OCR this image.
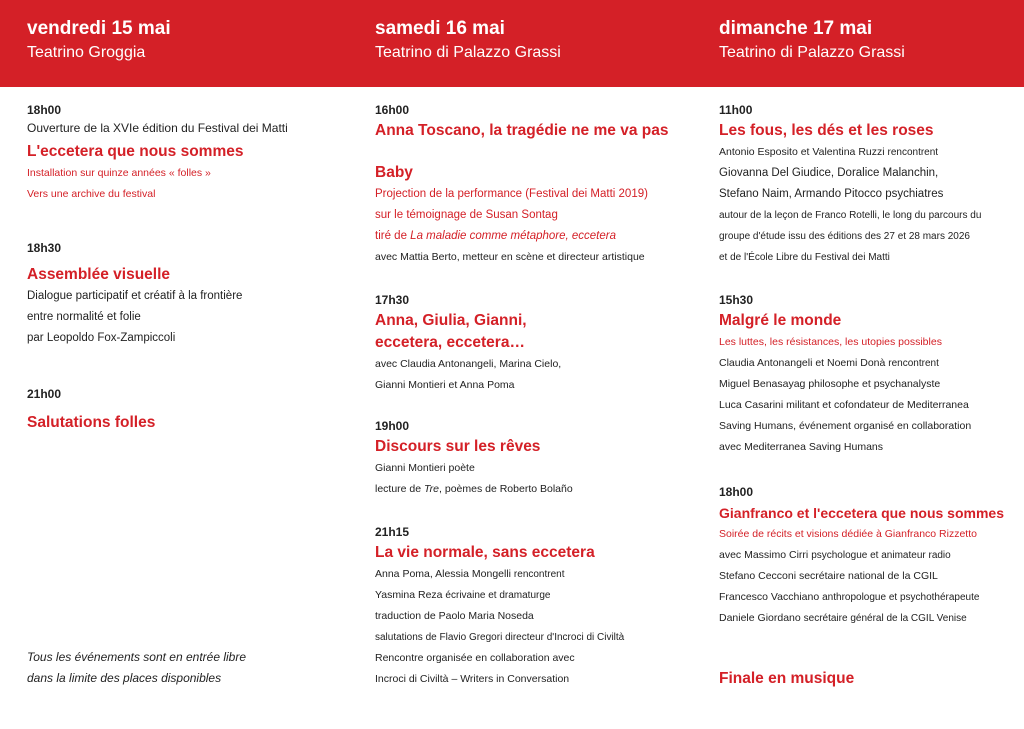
vendredi 15 mai
Teatrino Groggia
samedi 16 mai
Teatrino di Palazzo Grassi
dimanche 17 mai
Teatrino di Palazzo Grassi
18h00
Ouverture de la XVIe édition du Festival dei Matti
L'eccetera que nous sommes
Installation sur quinze années « folles »
Vers une archive du festival
18h30
Assemblée visuelle
Dialogue participatif et créatif à la frontière
entre normalité et folie
par Leopoldo Fox-Zampiccoli
21h00
Salutations folles
Tous les événements sont en entrée libre
dans la limite des places disponibles
16h00
Anna Toscano, la tragédie ne me va pas
Baby
Projection de la performance (Festival dei Matti 2019)
sur le témoignage de Susan Sontag
tiré de La maladie comme métaphore, eccetera
avec Mattia Berto, metteur en scène et directeur artistique
17h30
Anna, Giulia, Gianni,
eccetera, eccetera…
avec Claudia Antonangeli, Marina Cielo,
Gianni Montieri et Anna Poma
19h00
Discours sur les rêves
Gianni Montieri poète
lecture de Tre, poèmes de Roberto Bolaño
21h15
La vie normale, sans eccetera
Anna Poma, Alessia Mongelli rencontrent
Yasmina Reza écrivaine et dramaturge
traduction de Paolo Maria Noseda
salutations de Flavio Gregori directeur d'Incroci di Civiltà
Rencontre organisée en collaboration avec
Incroci di Civiltà – Writers in Conversation
11h00
Les fous, les dés et les roses
Antonio Esposito et Valentina Ruzzi rencontrent
Giovanna Del Giudice, Doralice Malanchin,
Stefano Naim, Armando Pitocco psychiatres
autour de la leçon de Franco Rotelli, le long du parcours du
groupe d'étude issu des éditions des 27 et 28 mars 2026
et de l'École Libre du Festival dei Matti
15h30
Malgré le monde
Les luttes, les résistances, les utopies possibles
Claudia Antonangeli et Noemi Donà rencontrent
Miguel Benasayag philosophe et psychanalyste
Luca Casarini militant et cofondateur de Mediterranea
Saving Humans, événement organisé en collaboration
avec Mediterranea Saving Humans
18h00
Gianfranco et l'eccetera que nous sommes
Soirée de récits et visions dédiée à Gianfranco Rizzetto
avec Massimo Cirri psychologue et animateur radio
Stefano Cecconi secrétaire national de la CGIL
Francesco Vacchiano anthropologue et psychothérapeute
Daniele Giordano secrétaire général de la CGIL Venise
Finale en musique
